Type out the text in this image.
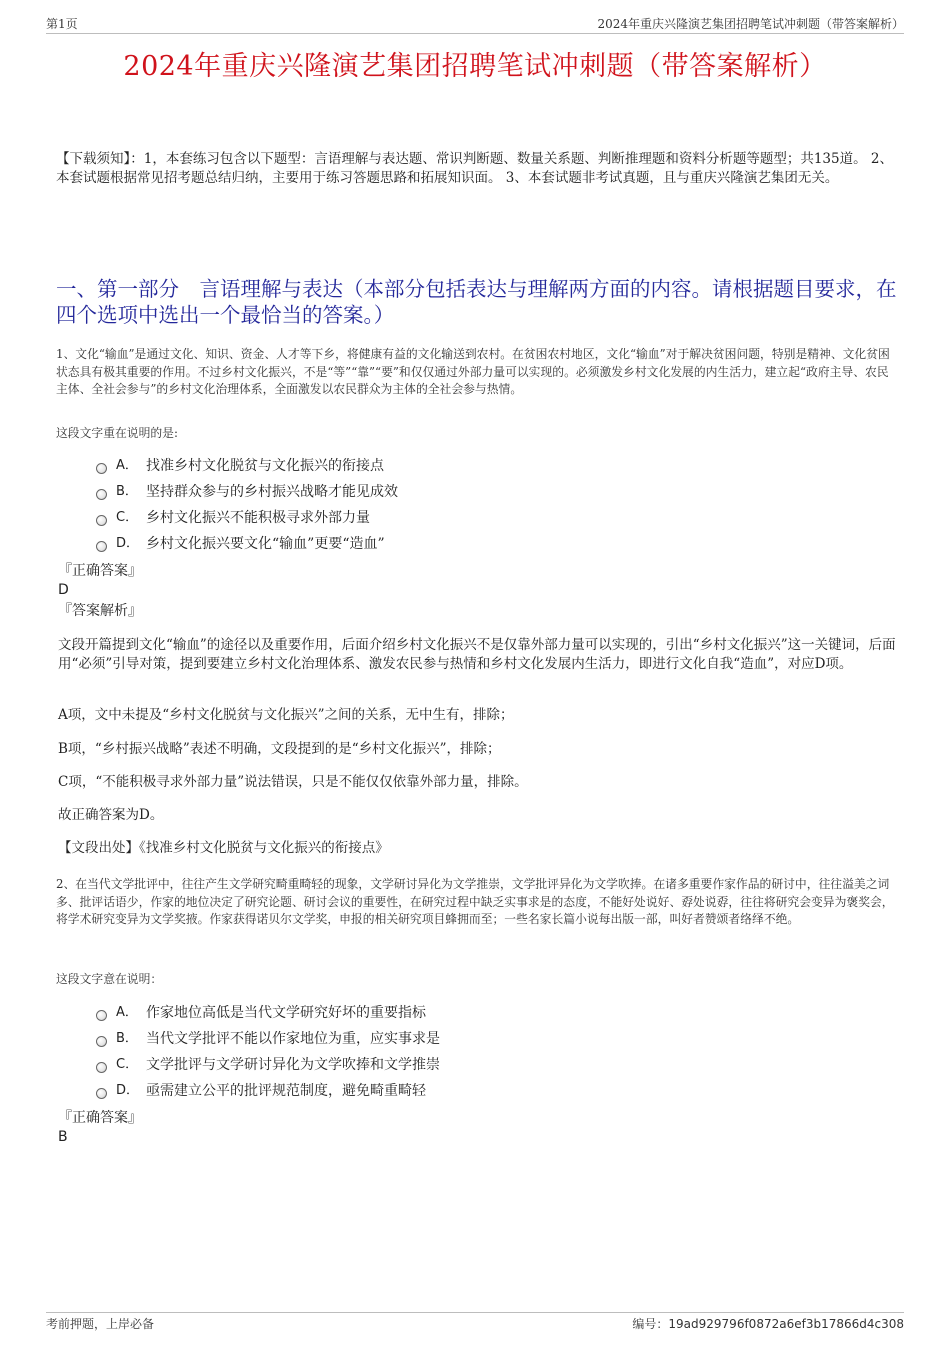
第1页	2024年重庆兴隆演艺集团招聘笔试冲刺题（带答案解析）
2024年重庆兴隆演艺集团招聘笔试冲刺题（带答案解析）
【下载须知】：1，本套练习包含以下题型：言语理解与表达题、常识判断题、数量关系题、判断推理题和资料分析题等题型；共135道。 2、本套试题根据常见招考题总结归纳，主要用于练习答题思路和拓展知识面。 3、本套试题非考试真题，且与重庆兴隆演艺集团无关。
一、第一部分　言语理解与表达（本部分包括表达与理解两方面的内容。请根据题目要求，在四个选项中选出一个最恰当的答案。）
1、文化“输血”是通过文化、知识、资金、人才等下乡，将健康有益的文化输送到农村。在贫困农村地区，文化“输血”对于解决贫困问题，特别是精神、文化贫困状态具有极其重要的作用。不过乡村文化振兴，不是“等”“靠”“要”和仅仅通过外部力量可以实现的。必须激发乡村文化发展的内生活力，建立起“政府主导、农民主体、全社会参与”的乡村文化治理体系，全面激发以农民群众为主体的全社会参与热情。
这段文字重在说明的是:
A． 找准乡村文化脱贫与文化振兴的衔接点
B． 坚持群众参与的乡村振兴战略才能见成效
C． 乡村文化振兴不能积极寻求外部力量
D． 乡村文化振兴要文化“输血”更要“造血”
『正确答案』
D
『答案解析』
文段开篇提到文化“输血”的途径以及重要作用，后面介绍乡村文化振兴不是仅靠外部力量可以实现的，引出“乡村文化振兴”这一关键词，后面用“必须”引导对策，提到要建立乡村文化治理体系、激发农民参与热情和乡村文化发展内生活力，即进行文化自我“造血”，对应D项。
A项，文中未提及“乡村文化脱贫与文化振兴”之间的关系，无中生有，排除；
B项，“乡村振兴战略”表述不明确，文段提到的是“乡村文化振兴”，排除；
C项，“不能积极寻求外部力量”说法错误，只是不能仅仅依靠外部力量，排除。
故正确答案为D。
【文段出处】《找准乡村文化脱贫与文化振兴的衔接点》
2、在当代文学批评中，往往产生文学研究畸重畸轻的现象，文学研讨异化为文学推崇，文学批评异化为文学吹捧。在诸多重要作家作品的研讨中，往往溢美之词多、批评话语少，作家的地位决定了研究论题、研讨会议的重要性，在研究过程中缺乏实事求是的态度，不能好处说好、孬处说孬，往往将研究会变异为褒奖会，将学术研究变异为文学奖掖。作家获得诺贝尔文学奖，申报的相关研究项目蜂拥而至；一些名家长篇小说每出版一部，叫好者赞颂者络绎不绝。
这段文字意在说明：
A． 作家地位高低是当代文学研究好坏的重要指标
B． 当代文学批评不能以作家地位为重，应实事求是
C． 文学批评与文学研讨异化为文学吹捧和文学推崇
D． 亟需建立公平的批评规范制度，避免畸重畸轻
『正确答案』
B
考前押题，上岸必备	编号：19ad929796f0872a6ef3b17866d4c308
